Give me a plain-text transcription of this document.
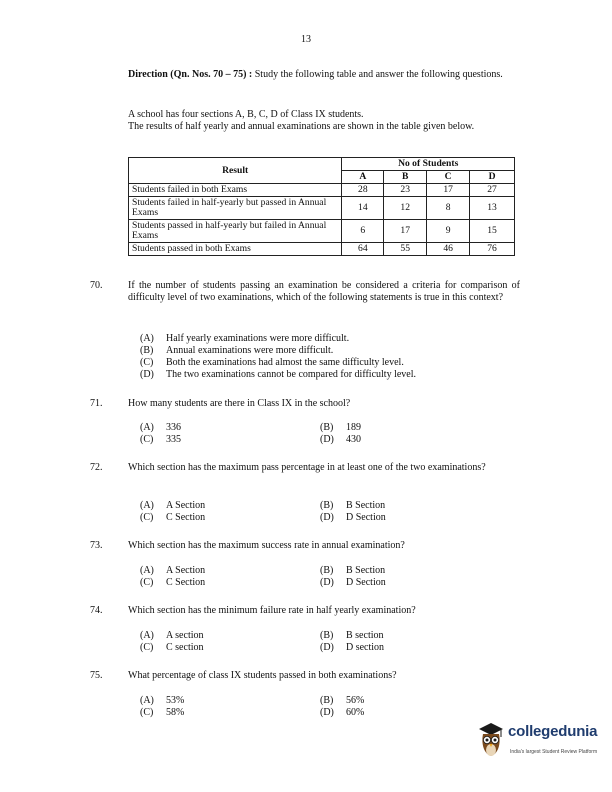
13
Direction (Qn. Nos. 70 – 75) : Study the following table and answer the following questions.
A school has four sections A, B, C, D of Class IX students.
The results of half yearly and annual examinations are shown in the table given below.
Result	No of Students			
	A	B	C	D
Students failed in both Exams	28	23	17	27
Students failed in half-yearly but passed in Annual Exams	14	12	8	13
Students passed in half-yearly but failed in Annual Exams	6	17	9	15
Students passed in both Exams	64	55	46	76
70.	If the number of students passing an examination be considered a criteria for comparison of difficulty level of two examinations, which of the following statements is true in this context?
(A) Half yearly examinations were more difficult.
(B) Annual examinations were more difficult.
(C) Both the examinations had almost the same difficulty level.
(D) The two examinations cannot be compared for difficulty level.
71.	How many students are there in Class IX in the school?
(A) 336	(B) 189
(C) 335	(D) 430
72.	Which section has the maximum pass percentage in at least one of the two examinations?
(A) A Section	(B) B Section
(C) C Section	(D) D Section
73.	Which section has the maximum success rate in annual examination?
(A) A Section	(B) B Section
(C) C Section	(D) D Section
74.	Which section has the minimum failure rate in half yearly examination?
(A) A section	(B) B section
(C) C section	(D) D section
75.	What percentage of class IX students passed in both examinations?
(A) 53%	(B) 56%
(C) 58%	(D) 60%
collegedunia
India's largest Student Review Platform
